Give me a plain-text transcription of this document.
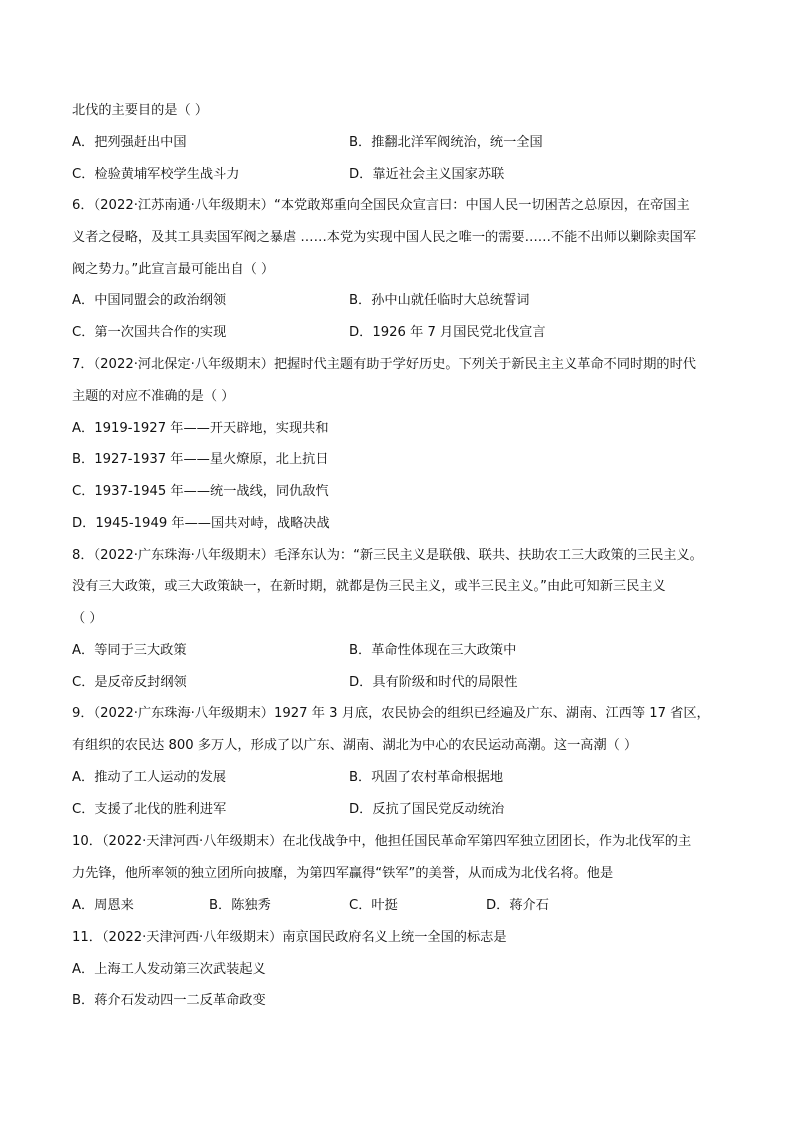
北伐的主要目的是（ ）
A．把列强赶出中国	B．推翻北洋军阀统治，统一全国
C．检验黄埔军校学生战斗力	D．靠近社会主义国家苏联
6．（2022·江苏南通·八年级期末）“本党敢郑重向全国民众宣言曰：中国人民一切困苦之总原因，在帝国主
义者之侵略，及其工具卖国军阀之暴虐 ……本党为实现中国人民之唯一的需要……不能不出师以剿除卖国军
阀之势力。”此宣言最可能出自（ ）
A．中国同盟会的政治纲领	B．孙中山就任临时大总统誓词
C．第一次国共合作的实现	D．1926 年 7 月国民党北伐宣言
7．（2022·河北保定·八年级期末）把握时代主题有助于学好历史。下列关于新民主主义革命不同时期的时代
主题的对应不准确的是（ ）
A．1919-1927 年——开天辟地，实现共和
B．1927-1937 年——星火燎原，北上抗日
C．1937-1945 年——统一战线，同仇敌忾
D．1945-1949 年——国共对峙，战略决战
8．（2022·广东珠海·八年级期末）毛泽东认为：“新三民主义是联俄、联共、扶助农工三大政策的三民主义。
没有三大政策，或三大政策缺一，在新时期，就都是伪三民主义，或半三民主义。”由此可知新三民主义
（ ）
A．等同于三大政策	B．革命性体现在三大政策中
C．是反帝反封纲领	D．具有阶级和时代的局限性
9．（2022·广东珠海·八年级期末）1927 年 3 月底，农民协会的组织已经遍及广东、湖南、江西等 17 省区，
有组织的农民达 800 多万人，形成了以广东、湖南、湖北为中心的农民运动高潮。这一高潮（ ）
A．推动了工人运动的发展	B．巩固了农村革命根据地
C．支援了北伐的胜利进军	D．反抗了国民党反动统治
10．（2022·天津河西·八年级期末）在北伐战争中，他担任国民革命军第四军独立团团长，作为北伐军的主
力先锋，他所率领的独立团所向披靡，为第四军赢得“铁军”的美誉，从而成为北伐名将。他是
A．周恩来	B．陈独秀	C．叶挺	D．蒋介石
11．（2022·天津河西·八年级期末）南京国民政府名义上统一全国的标志是
A．上海工人发动第三次武装起义
B．蒋介石发动四一二反革命政变
